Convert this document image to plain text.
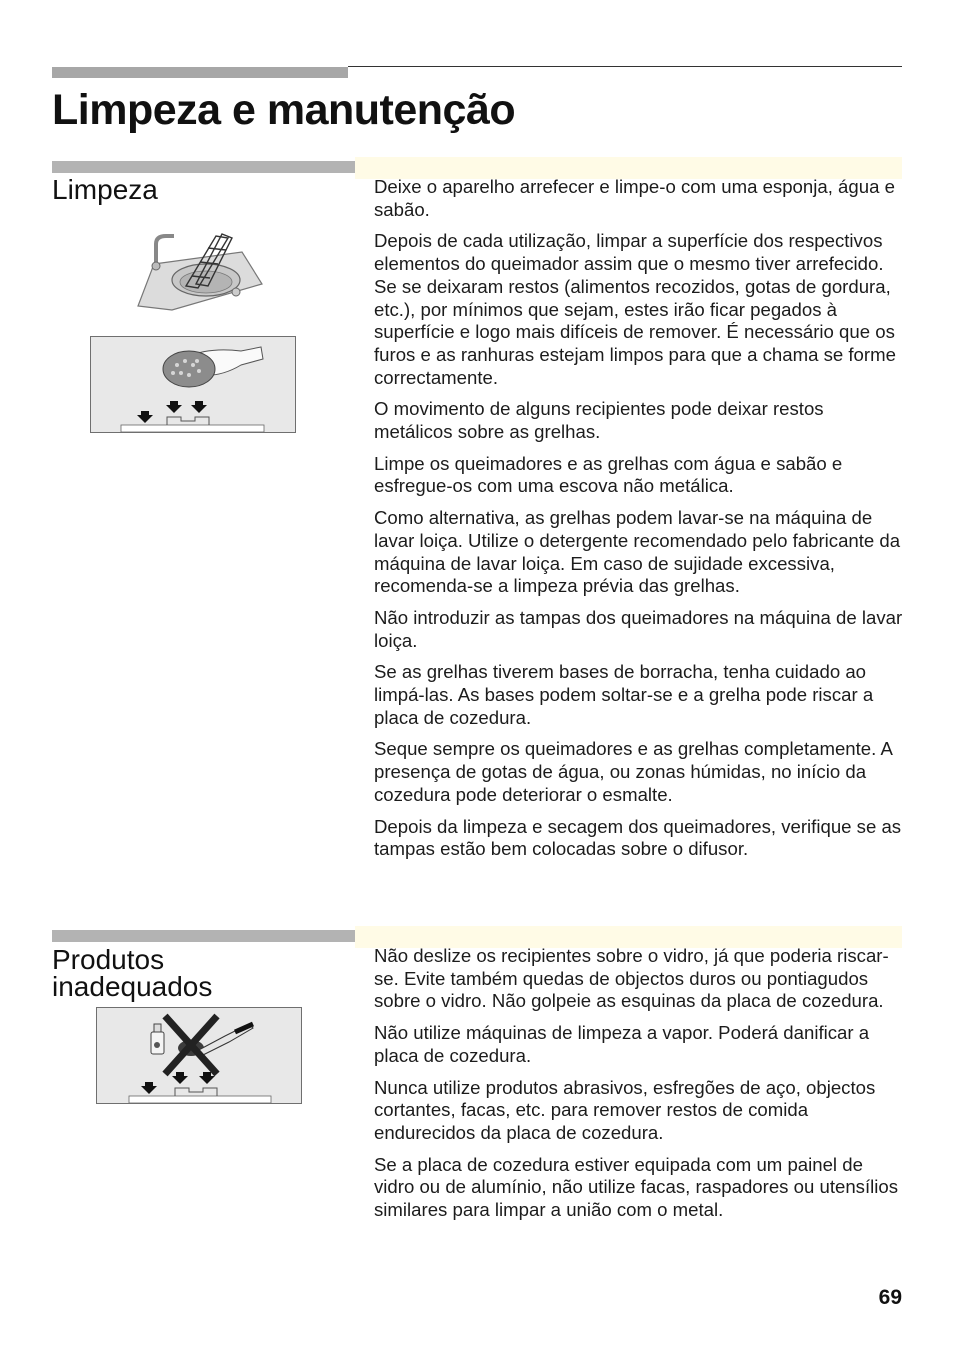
Limpeza e manutenção
Limpeza	Deixe o aparelho arrefecer e limpe-o com uma esponja, água e sabão.

Depois de cada utilização, limpar a superfície dos respectivos elementos do queimador assim que o mesmo tiver arrefecido. Se se deixaram restos (alimentos recozidos, gotas de gordura, etc.), por mínimos que sejam, estes irão ficar pegados à superfície e logo mais difíceis de remover. É necessário que os furos e as ranhuras estejam limpos para que a chama se forme correctamente.

O movimento de alguns recipientes pode deixar restos metálicos sobre as grelhas.

Limpe os queimadores e as grelhas com água e sabão e esfregue-os com uma escova não metálica.

Como alternativa, as grelhas podem lavar-se na máquina de lavar loiça. Utilize o detergente recomendado pelo fabricante da máquina de lavar loiça. Em caso de sujidade excessiva, recomenda-se a limpeza prévia das grelhas.

Não introduzir as tampas dos queimadores na máquina de lavar loiça.

Se as grelhas tiverem bases de borracha, tenha cuidado ao limpá-las. As bases podem soltar-se e a grelha pode riscar a placa de cozedura.

Seque sempre os queimadores e as grelhas completamente. A presença de gotas de água, ou zonas húmidas, no início da cozedura pode deteriorar o esmalte.

Depois da limpeza e secagem dos queimadores, verifique se as tampas estão bem colocadas sobre o difusor.

Produtos
inadequados

Não deslize os recipientes sobre o vidro, já que poderia riscar-se. Evite também quedas de objectos duros ou pontiagudos sobre o vidro. Não golpeie as esquinas da placa de cozedura.

Não utilize máquinas de limpeza a vapor. Poderá danificar a placa de cozedura.

Nunca utilize produtos abrasivos, esfregões de aço, objectos cortantes, facas, etc. para remover restos de comida endurecidos da placa de cozedura.

Se a placa de cozedura estiver equipada com um painel de vidro ou de alumínio, não utilize facas, raspadores ou utensílios similares para limpar a união com o metal.

69
